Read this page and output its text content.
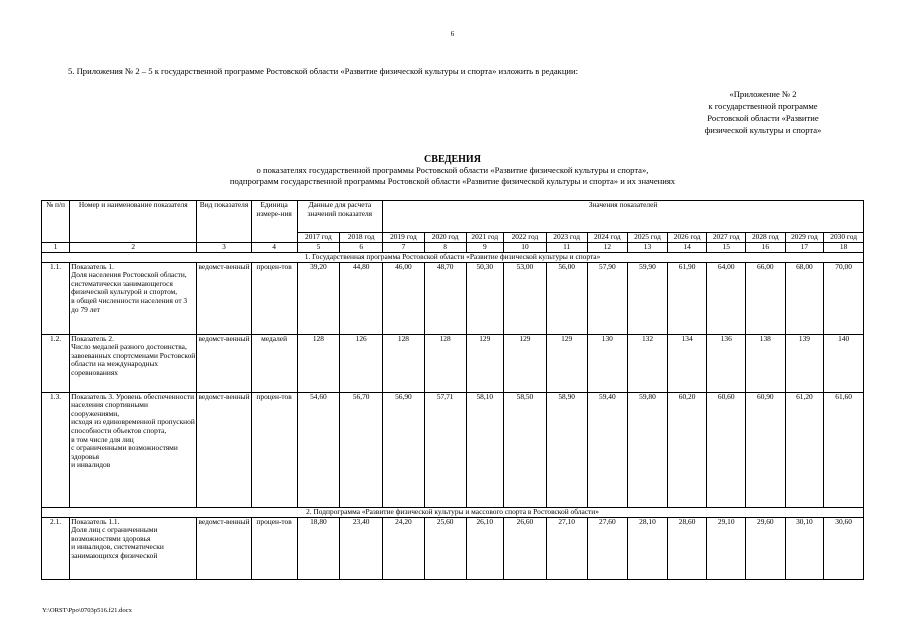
6
5. Приложения № 2 – 5 к государственной программе Ростовской области «Развитие физической культуры и спорта» изложить в редакции:
«Приложение № 2
к государственной программе
Ростовской области «Развитие
физической культуры и спорта»
СВЕДЕНИЯ
о показателях государственной программы Ростовской области «Развитие физической культуры и спорта»,
подпрограмм государственной программы Ростовской области «Развитие физической культуры и спорта» и их значениях
№ п/п	Номер и наименование показателя	Вид показателя	Единица измере-ния	Данные для расчета значений показателя		Значения показателей											
				2017 год	2018 год	2019 год	2020 год	2021 год	2022 год	2023 год	2024 год	2025 год	2026 год	2027 год	2028 год	2029 год	2030 год
1	2	3	4	5	6	7	8	9	10	11	12	13	14	15	16	17	18
1. Государственная программа Ростовской области «Развитие физической культуры и спорта»																	
1.1.	Показатель 1.
Доля населения Ростовской области, систематически занимающегося физической культурой и спортом,
в общей численности населения от 3 до 79 лет	ведомст-венный	процен-тов	39,20	44,80	46,00	48,70	50,30	53,00	56,00	57,90	59,90	61,90	64,00	66,00	68,00	70,00
1.2.	Показатель 2.
Число медалей разного достоинства, завоеванных спортсменами Ростовской области на международных соревнованиях	ведомст-венный	медалей	128	126	128	128	129	129	129	130	132	134	136	138	139	140
1.3.	Показатель 3. Уровень обеспеченности населения спортивными сооружениями,
исходя из единовременной пропускной способности объектов спорта,
в том числе для лиц
с ограниченными возможностями здоровья
и инвалидов	ведомст-венный	процен-тов	54,60	56,70	56,90	57,71	58,10	58,50	58,90	59,40	59,80	60,20	60,60	60,90	61,20	61,60
2. Подпрограмма «Развитие физической культуры и массового спорта в Ростовской области»																	
2.1.	Показатель 1.1.
Доля лиц с ограниченными возможностями здоровья
и инвалидов, систематически занимающихся физической	ведомст-венный	процен-тов	18,80	23,40	24,20	25,60	26,10	26,60	27,10	27,60	28,10	28,60	29,10	29,60	30,10	30,60
Y:\ORST\Ppo\0703p516.f21.docx
